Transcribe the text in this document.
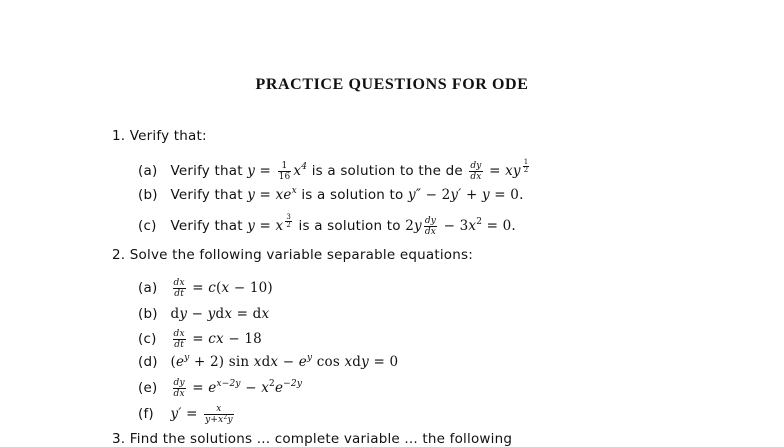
PRACTICE QUESTIONS FOR ODE
1. Verify that:
(a) Verify that $y = \frac{1}{16} x^4$ is a solution to the de $\frac{dy}{dx}$ = xy $^{\frac{1}{2}}$
(b) Verify that $y = xe^x$ is a solution to y″ − 2y′ + y = 0.
(c) Verify that y = x $^{\frac{3}{2}}$ is a solution to $2y \frac{dy}{dx} - 3x^2 = 0$.
2. Solve the following variable separable equations:
$(a) \frac{dx}{dt} = c(x - 10)$
(b) dy − ydx = dx
$(c) \frac{dx}{dt}$ = cx − 18
(d) $(e^y + 2)$ sin xdx − $e^y$ cos xdy = 0
$(e) \frac{dy}{dx} = e^{x-2y} - x^2e^{-2y}$
(f) $y' = \frac{x}{y+x^2y}$
3. Find the solutions ... complete variable ... the following
